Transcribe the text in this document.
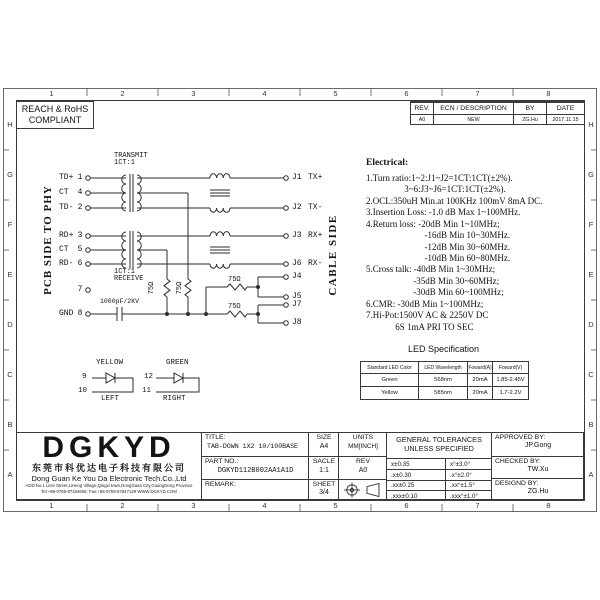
1	2	3	4	5	6	7	8
1	2	3	4	5	6	7	8
H
G
F
E
D
C
B
A
H
G
F
E
D
C
B
A
REACH & RoHS
COMPLIANT
REV.	ECN / DESCRIPTION	BY	DATE
A0	NEW	ZG.Hu	2017.11.15
PCB SIDE TO PHY	CABLE SIDE
TRANSMIT
1CT:1
1CT:1
RECEIVE
TD+ 1
CT	4
TD- 2
RD+ 3
CT	5
RD- 6
7
GND 8
J1 TX+
J2 TX-
J3 RX+
J6 RX-
J4
J5
J7
J8
75Ω	75Ω
75Ω
75Ω
1000pF/2KV
YELLOW
9
10
LEFT
GREEN
12
11
RIGHT
Electrical:
1.Turn ratio:1~2:J1~J2=1CT:1CT(±2%).
3~6:J3~J6=1CT:1CT(±2%).
2.OCL:350uH Min.at 100KHz 100mV 8mA DC.
3.Insertion Loss: -1.0 dB Max 1~100MHz.
4.Return loss: -20dB Min 1~10MHz;
-16dB Min 10~30MHz.
-12dB Min 30~60MHz.
-10dB Min 60~80MHz.
5.Cross talk: -40dB Min 1~30MHz;
-35dB Min 30~60MHz;
-30dB Min 60~100MHz;
6.CMR: -30dB Min 1~100MHz;
7.Hi-Pot:1500V AC & 2250V DC
6S 1mA PRI TO SEC
LED Specification
Standard LED Color	LED Wavelength	Foward(A)	Foward(V)
Green	568nm	20mA	1.85-2.45V
Yellow	585nm	20mA	1.7-2.2V
DGKYD
东莞市科优达电子科技有限公司
Dong Guan Ke You Da Electronic Tech.Co.,Ltd
ADD:No.1 LiHe Street,LiHeng Village,Qingxi town,DongGuan City,GuangDong Province
Tel:+86-0769-87334606; Fax:+86-0769-87847129 WWW.DGKYD.COM
TITLE:
TAB-DOWN 1X2 10/100BASE
PART NO.:
DGKYD112B002AA1A1D
REMARK:
SIZE
A4
SACLE
1:1
SHEET
3/4
UNITS
MM[INCH]
REV
A0
GENERAL TOLERANCES
UNLESS SPECIFIED
x±0.35	x°±3.0°
.x±0.30	.x°±2.0°
.xx±0.25	.xx°±1.5°
.xxx±0.10	.xxx°±1.0°
APPROVED BY:
JP.Gong
CHECKED BY:
TW.Xu
DESIGND BY:
ZG.Hu
